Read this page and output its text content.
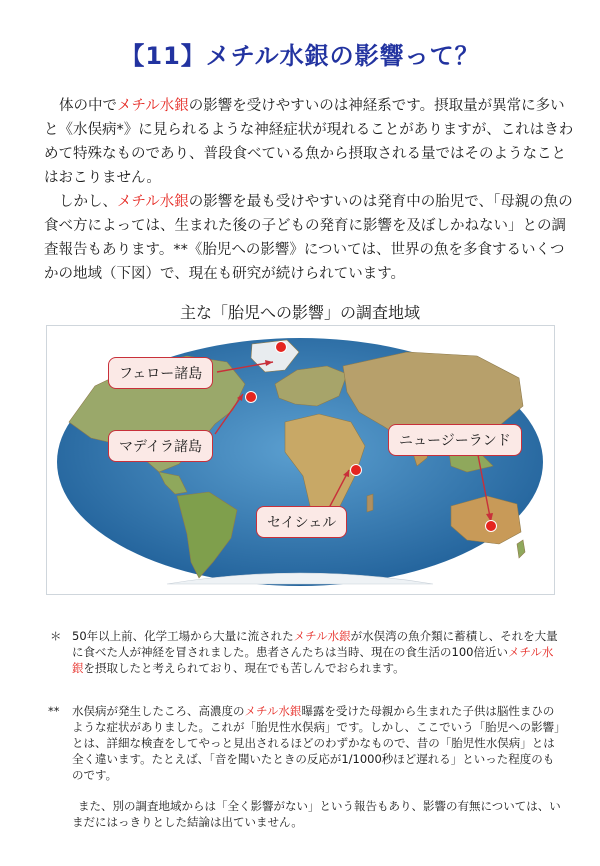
【11】メチル水銀の影響って？

体の中でメチル水銀の影響を受けやすいのは神経系です。摂取量が異常に多いと《水俣病*》に見られるような神経症状が現れることがありますが、これはきわめて特殊なものであり、普段食べている魚から摂取される量ではそのようなことはおこりません。

しかし、メチル水銀の影響を最も受けやすいのは発育中の胎児で、「母親の魚の食べ方によっては、生まれた後の子どもの発育に影響を及ぼしかねない」との調査報告もあります。**《胎児への影響》については、世界の魚を多食するいくつかの地域（下図）で、現在も研究が続けられています。

主な「胎児への影響」の調査地域
フェロー諸島
マデイラ諸島	ニュージーランド
セイシェル
＊ 50年以上前、化学工場から大量に流されたメチル水銀が水俣湾の魚介類に蓄積し、それを大量に食べた人が神経を冒されました。患者さんたちは当時、現在の食生活の100倍近いメチル水銀を摂取したと考えられており、現在でも苦しんでおられます。

** 水俣病が発生したころ、高濃度のメチル水銀曝露を受けた母親から生まれた子供は脳性まひのような症状がありました。これが「胎児性水俣病」です。しかし、ここでいう「胎児への影響」とは、詳細な検査をしてやっと見出されるほどのわずかなもので、昔の「胎児性水俣病」とは全く違います。たとえば、「音を聞いたときの反応が1/1000秒ほど遅れる」といった程度のものです。

また、別の調査地域からは「全く影響がない」という報告もあり、影響の有無については、いまだにはっきりとした結論は出ていません。
